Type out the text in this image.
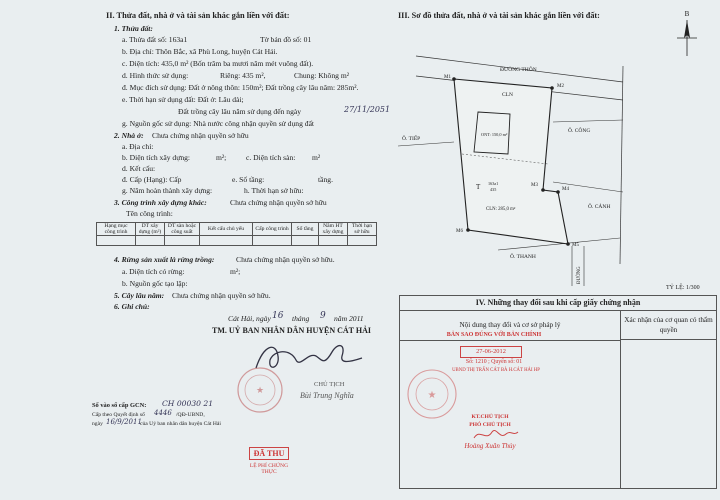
II. Thửa đất, nhà ở và tài sản khác gắn liền với đất:
1. Thửa đất:
a. Thửa đất số: 163a1	Tờ bản đồ số: 01
b. Địa chỉ: Thôn Bắc, xã Phù Long, huyện Cát Hải.
c. Diện tích: 435,0 m² (Bốn trăm ba mươi năm mét vuông đất).
d. Hình thức sử dụng:	Riêng: 435 m²,	Chung: Không m²
đ. Mục đích sử dụng: Đất ở nông thôn: 150m²; Đất trồng cây lâu năm: 285m².
e. Thời hạn sử dụng đất: Đất ở: Lâu dài;
Đất trồng cây lâu năm sử dụng đến ngày	27/11/2051
g. Nguồn gốc sử dụng: Nhà nước công nhận quyền sử dụng đất
2. Nhà ở: Chưa chứng nhận quyền sở hữu
a. Địa chỉ:
b. Diện tích xây dựng:	m²;	c. Diện tích sàn: m²
d. Kết cấu:
đ. Cấp (Hạng): Cấp	e. Số tầng:	tầng.
g. Năm hoàn thành xây dựng:	h. Thời hạn sở hữu:
3. Công trình xây dựng khác:	Chưa chứng nhận quyền sở hữu
Tên công trình:
Hạng mục công trình	DT xây dựng (m²)	DT sàn hoặc công suất	Kết cấu chủ yếu	Cấp công trình	Số tầng	Năm HT xây dựng	Thời hạn sở hữu

4. Rừng sản xuất là rừng trồng:	Chưa chứng nhận quyền sở hữu.
a. Diện tích có rừng:	m²;
b. Nguồn gốc tạo lập:
5. Cây lâu năm: Chưa chứng nhận quyền sở hữu.
6. Ghi chú:
Cát Hải, ngày 16 tháng 9 năm 2011
TM. UỶ BAN NHÂN DÂN HUYỆN CÁT HẢI
CHỦ TỊCH
Bùi Trung Nghĩa
Số vào sổ cấp GCN: CH 00030 21
Cấp theo Quyết định số 4446 /QĐ-UBND,
ngày 16/9/2011
của Uỷ ban nhân dân huyện Cát Hải
ĐÃ THU
LỆ PHÍ CHỨNG THỰC
★
III. Sơ đồ thửa đất, nhà ở và tài sản khác gắn liền với đất:	B
ĐƯỜNG THÔN
CLN
ONT: 150,0 m²
CLN: 285,0 m²
Ô. TIẾP
Ô. CÔNG
Ô. CẢNH
Ô. THANH
ĐƯỜNG
T 163a1
435
M1
M2
M3
M4
M5
M6
TỶ LỆ: 1/300
IV. Những thay đổi sau khi cấp giấy chứng nhận
Nội dung thay đổi và cơ sở pháp lý
Xác nhận của cơ quan có thẩm quyền
BẢN SAO ĐÚNG VỚI BẢN CHÍNH
27-06-2012
Số: 1210 ; Quyển số: 01
UBND THỊ TRẤN CÁT BÀ H.CÁT HẢI HP
★
KT.CHỦ TỊCH
PHÓ CHỦ TỊCH
Hoàng Xuân Thủy
